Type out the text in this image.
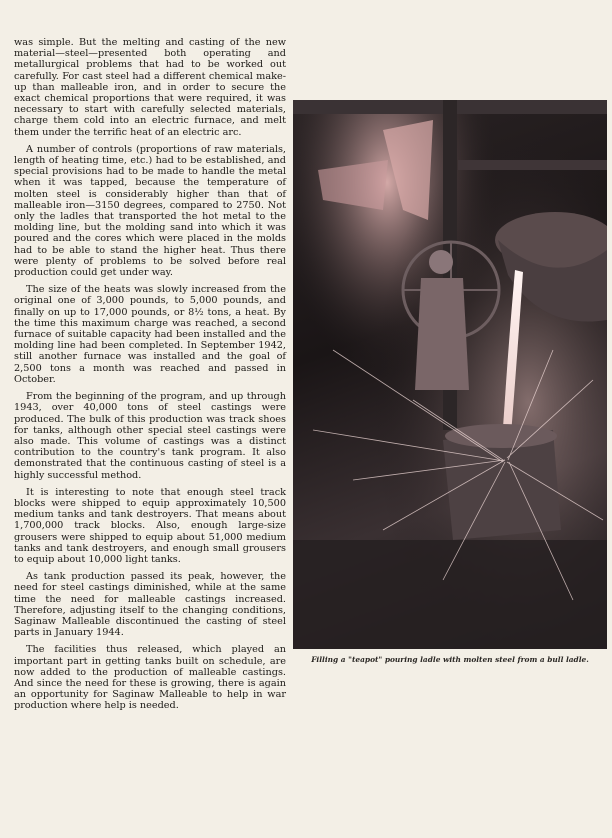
was simple. But the melting and casting of the new material—steel—presented both operating and metallurgical problems that had to be worked out carefully. For cast steel had a different chemical make-up than malleable iron, and in order to secure the exact chemical proportions that were required, it was necessary to start with carefully selected materials, charge them cold into an electric furnace, and melt them under the terrific heat of an electric arc.

A number of controls (proportions of raw materials, length of heating time, etc.) had to be established, and special provisions had to be made to handle the metal when it was tapped, because the temperature of molten steel is considerably higher than that of malleable iron—3150 degrees, compared to 2750. Not only the ladles that transported the hot metal to the molding line, but the molding sand into which it was poured and the cores which were placed in the molds had to be able to stand the higher heat. Thus there were plenty of problems to be solved before real production could get under way.

The size of the heats was slowly increased from the original one of 3,000 pounds, to 5,000 pounds, and finally on up to 17,000 pounds, or 8½ tons, a heat. By the time this maximum charge was reached, a second furnace of suitable capacity had been installed and the molding line had been completed. In September 1942, still another furnace was installed and the goal of 2,500 tons a month was reached and passed in October.

From the beginning of the program, and up through 1943, over 40,000 tons of steel castings were produced. The bulk of this production was track shoes for tanks, although other special steel castings were also made. This volume of castings was a distinct contribution to the country's tank program. It also demonstrated that the continuous casting of steel is a highly successful method.

It is interesting to note that enough steel track blocks were shipped to equip approximately 10,500 medium tanks and tank destroyers. That means about 1,700,000 track blocks. Also, enough large-size grousers were shipped to equip about 51,000 medium tanks and tank destroyers, and enough small grousers to equip about 10,000 light tanks.

As tank production passed its peak, however, the need for steel castings diminished, while at the same time the need for malleable castings increased. Therefore, adjusting itself to the changing conditions, Saginaw Malleable discontinued the casting of steel parts in January 1944.

The facilities thus released, which played an important part in getting tanks built on schedule, are now added to the production of malleable castings. And since the need for these is growing, there is again an opportunity for Saginaw Malleable to help in war production where help is needed.

Filling a "teapot" pouring ladle with molten steel from a bull ladle.
